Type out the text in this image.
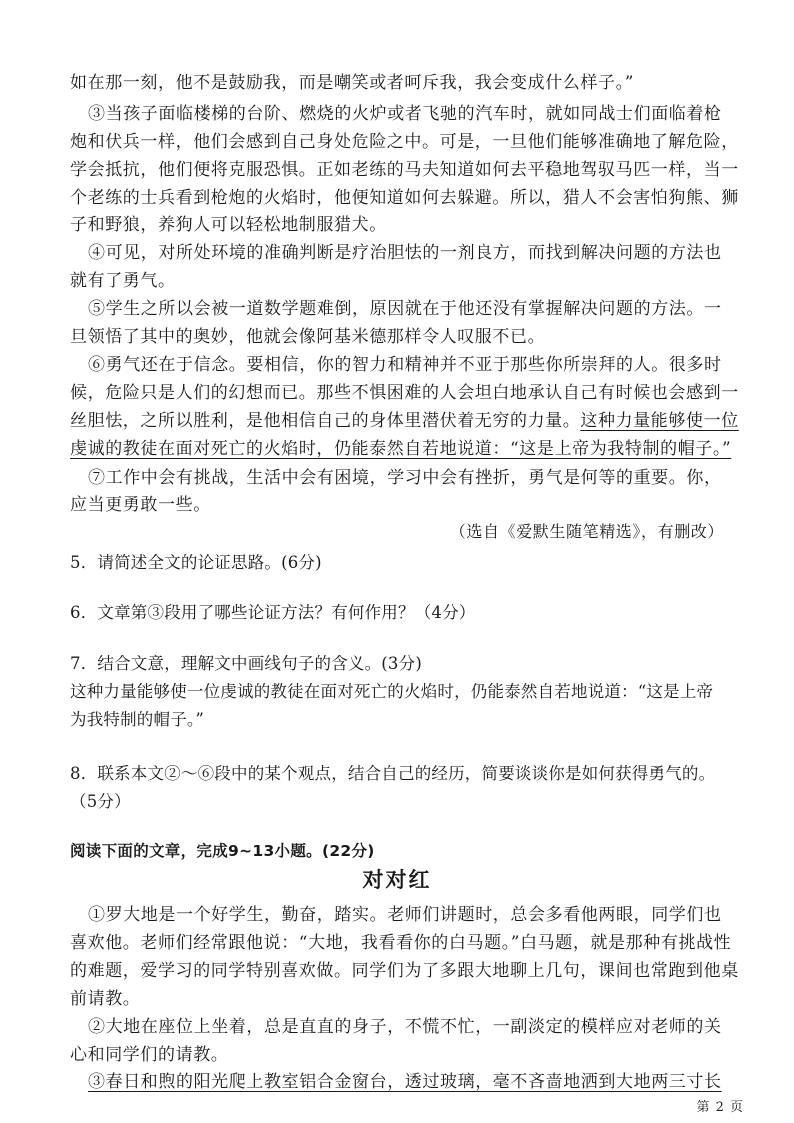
如在那一刻，他不是鼓励我，而是嘲笑或者呵斥我，我会变成什么样子。”
③当孩子面临楼梯的台阶、燃烧的火炉或者飞驰的汽车时，就如同战士们面临着枪
炮和伏兵一样，他们会感到自己身处危险之中。可是，一旦他们能够准确地了解危险，
学会抵抗，他们便将克服恐惧。正如老练的马夫知道如何去平稳地驾驭马匹一样，当一
个老练的士兵看到枪炮的火焰时，他便知道如何去躲避。所以，猎人不会害怕狗熊、狮
子和野狼，养狗人可以轻松地制服猎犬。
④可见，对所处环境的准确判断是疗治胆怯的一剂良方，而找到解决问题的方法也
就有了勇气。
⑤学生之所以会被一道数学题难倒，原因就在于他还没有掌握解决问题的方法。一
旦领悟了其中的奥妙，他就会像阿基米德那样令人叹服不已。
⑥勇气还在于信念。要相信，你的智力和精神并不亚于那些你所崇拜的人。很多时
候，危险只是人们的幻想而已。那些不惧困难的人会坦白地承认自己有时候也会感到一
丝胆怯，之所以胜利，是他相信自己的身体里潜伏着无穷的力量。这种力量能够使一位
虔诚的教徒在面对死亡的火焰时，仍能泰然自若地说道：“这是上帝为我特制的帽子。”
⑦工作中会有挑战，生活中会有困境，学习中会有挫折，勇气是何等的重要。你，
应当更勇敢一些。
（选自《爱默生随笔精选》，有删改）
5．请简述全文的论证思路。(6分)
6．文章第③段用了哪些论证方法？有何作用？（4分）
7．结合文意，理解文中画线句子的含义。(3分)
这种力量能够使一位虔诚的教徒在面对死亡的火焰时，仍能泰然自若地说道：“这是上帝
为我特制的帽子。”
8．联系本文②～⑥段中的某个观点，结合自己的经历，简要谈谈你是如何获得勇气的。
（5分）
阅读下面的文章，完成9~13小题。(22分)
对对红
①罗大地是一个好学生，勤奋，踏实。老师们讲题时，总会多看他两眼，同学们也
喜欢他。老师们经常跟他说：“大地，我看看你的白马题。”白马题，就是那种有挑战性
的难题，爱学习的同学特别喜欢做。同学们为了多跟大地聊上几句，课间也常跑到他桌
前请教。
②大地在座位上坐着，总是直直的身子，不慌不忙，一副淡定的模样应对老师的关
心和同学们的请教。
③春日和煦的阳光爬上教室铝合金窗台，透过玻璃，毫不吝啬地洒到大地两三寸长
第 2 页
